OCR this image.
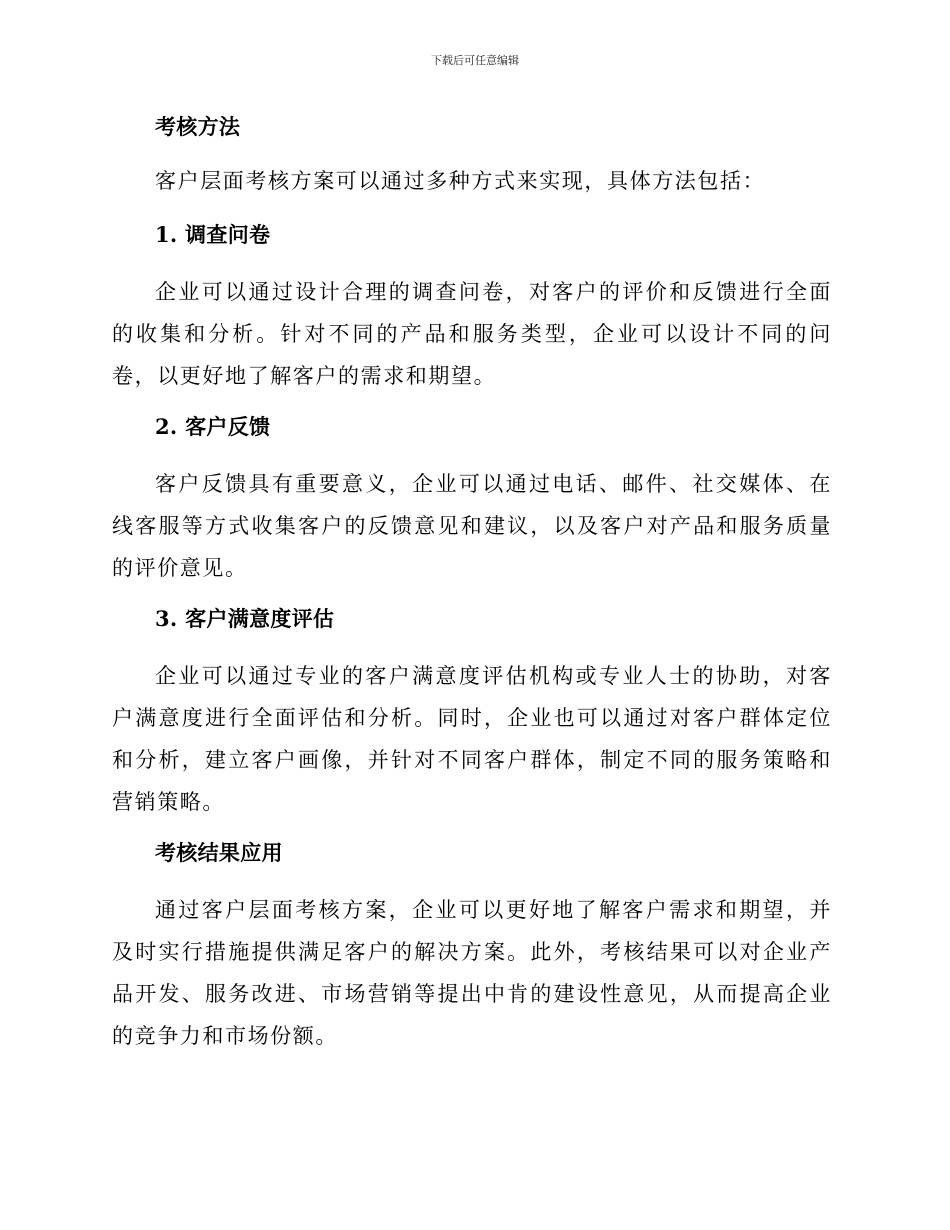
下载后可任意编辑
考核方法
客户层面考核方案可以通过多种方式来实现，具体方法包括：
1. 调查问卷
企业可以通过设计合理的调查问卷，对客户的评价和反馈进行全面的收集和分析。针对不同的产品和服务类型，企业可以设计不同的问卷，以更好地了解客户的需求和期望。
2. 客户反馈
客户反馈具有重要意义，企业可以通过电话、邮件、社交媒体、在线客服等方式收集客户的反馈意见和建议，以及客户对产品和服务质量的评价意见。
3. 客户满意度评估
企业可以通过专业的客户满意度评估机构或专业人士的协助，对客户满意度进行全面评估和分析。同时，企业也可以通过对客户群体定位和分析，建立客户画像，并针对不同客户群体，制定不同的服务策略和营销策略。
考核结果应用
通过客户层面考核方案，企业可以更好地了解客户需求和期望，并及时实行措施提供满足客户的解决方案。此外，考核结果可以对企业产品开发、服务改进、市场营销等提出中肯的建设性意见，从而提高企业的竞争力和市场份额。
